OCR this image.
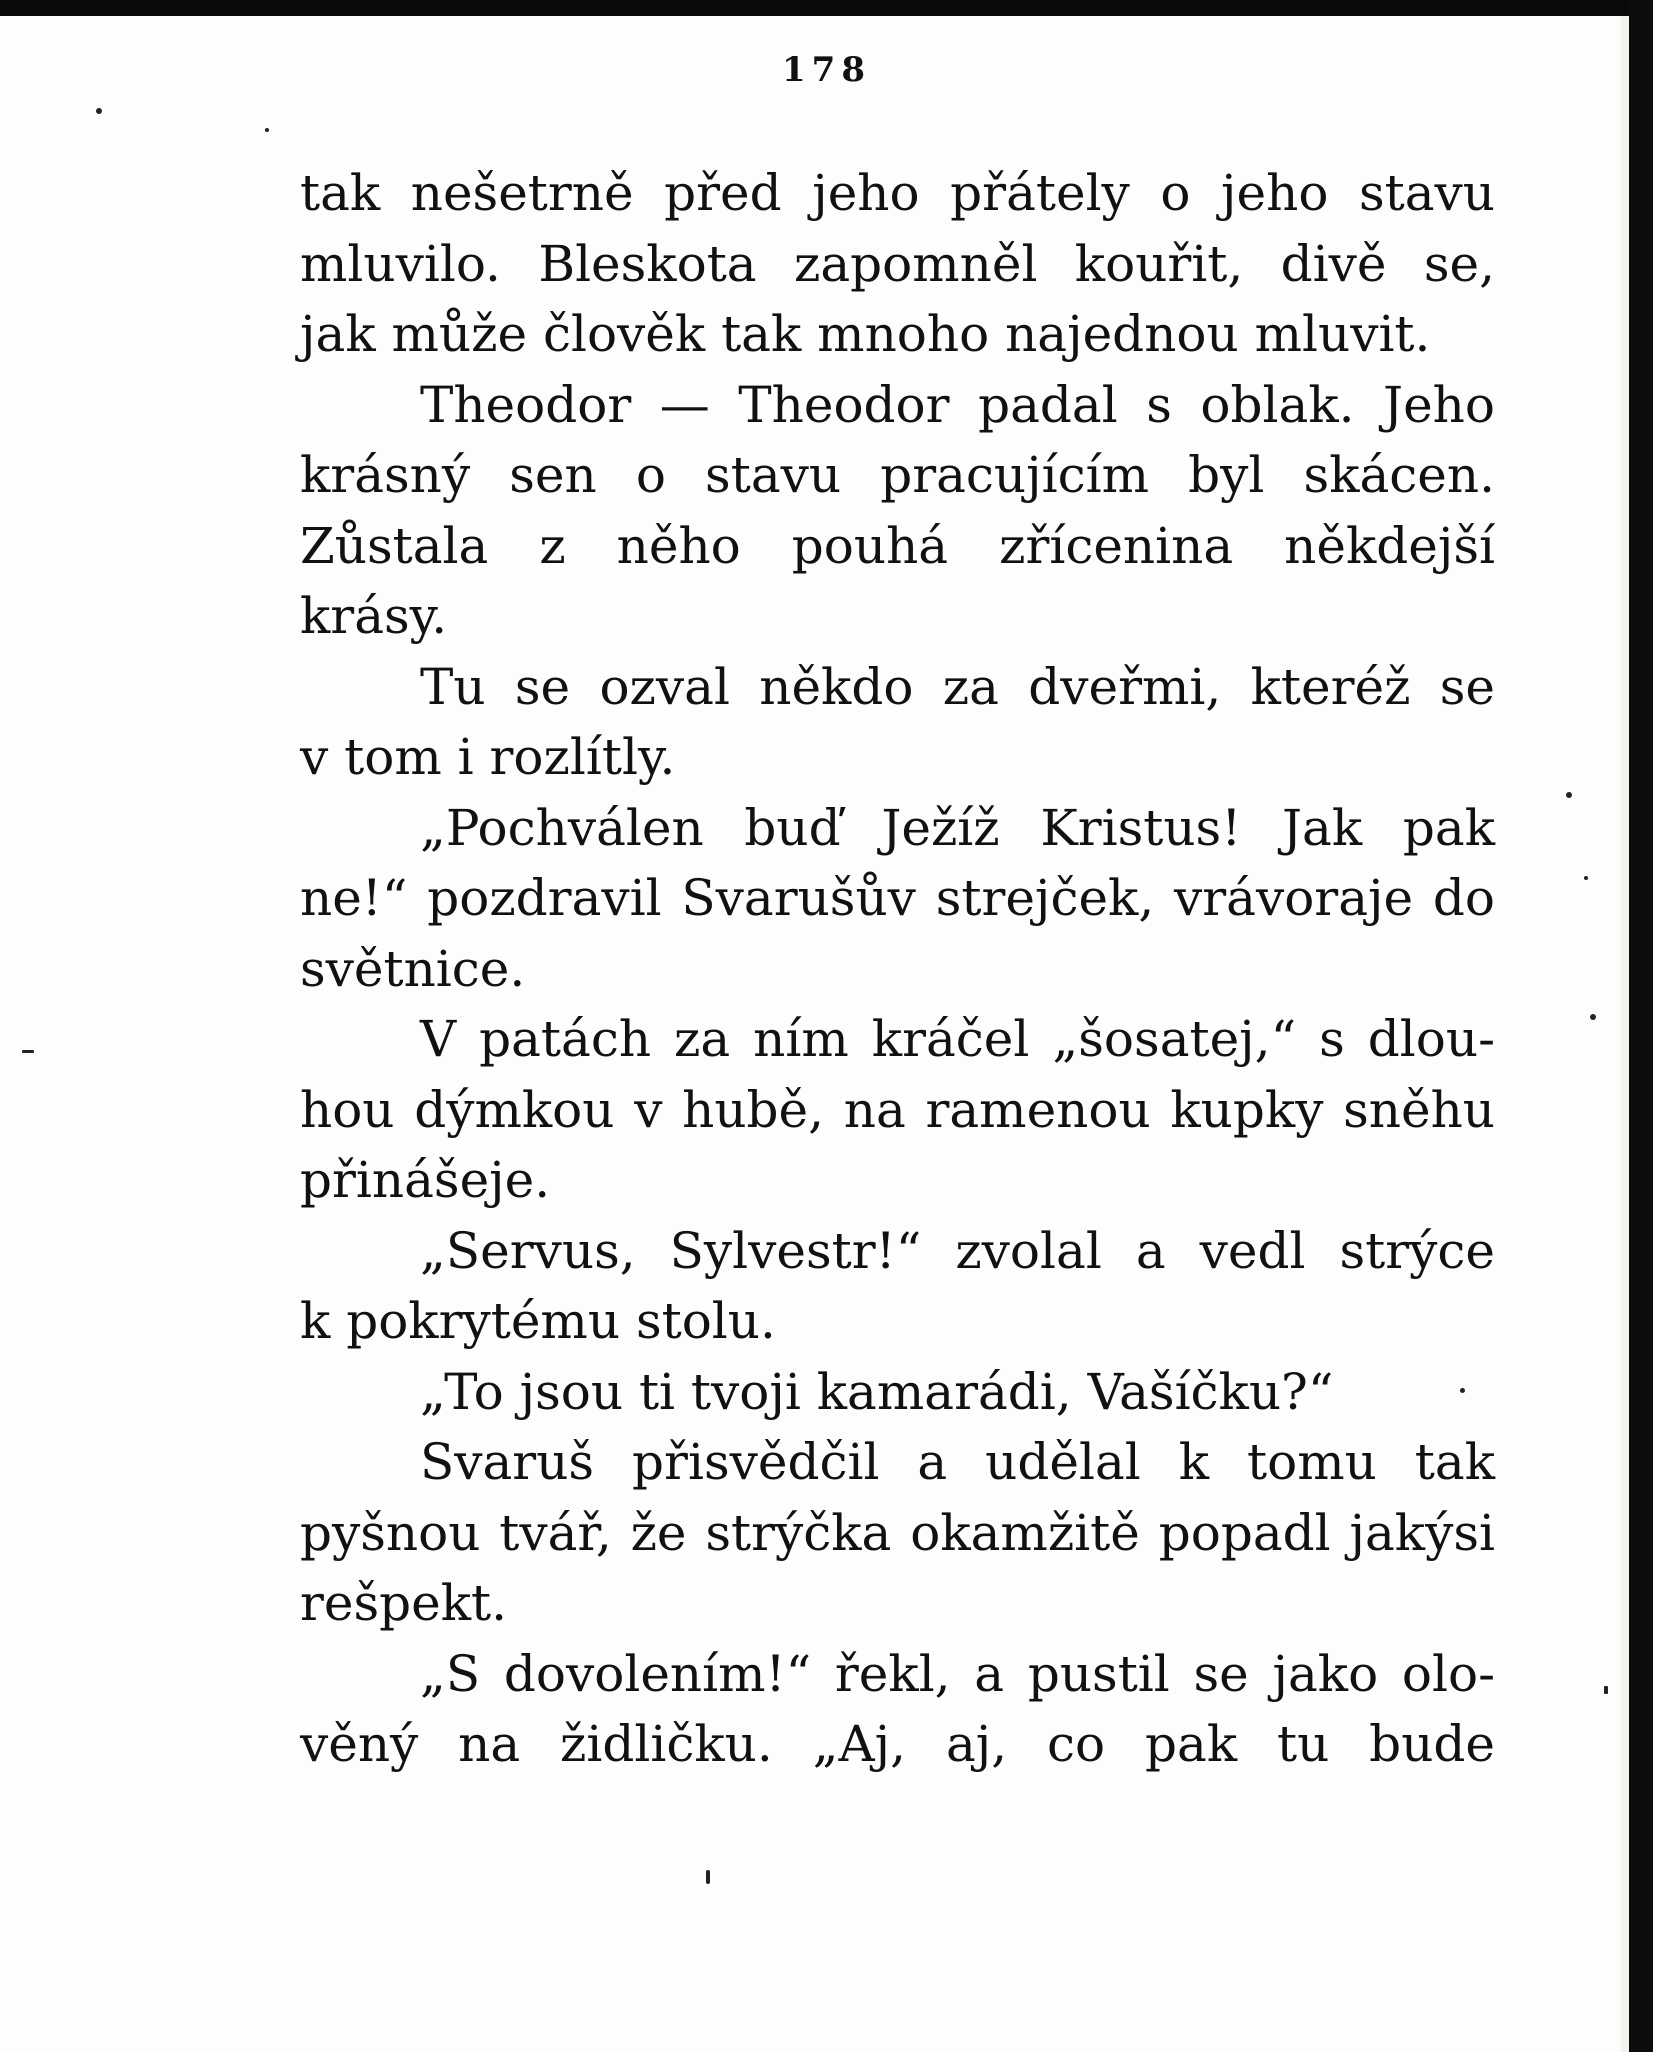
178
tak nešetrně před jeho přátely o jeho stavu
mluvilo. Bleskota zapomněl kouřit, divě se,
jak může člověk tak mnoho najednou mluvit.
Theodor — Theodor padal s oblak. Jeho
krásný sen o stavu pracujícím byl skácen.
Zůstala z něho pouhá zřícenina někdejší
krásy.
Tu se ozval někdo za dveřmi, kteréž se
v tom i rozlítly.
„Pochválen buď Ježíž Kristus! Jak pak
ne!“ pozdravil Svarušův strejček, vrávoraje do
světnice.
V patách za ním kráčel „šosatej,“ s dlou-
hou dýmkou v hubě, na ramenou kupky sněhu
přinášeje.
„Servus, Sylvestr!“ zvolal a vedl strýce
k pokrytému stolu.
„To jsou ti tvoji kamarádi, Vašíčku?“
Svaruš přisvědčil a udělal k tomu tak
pyšnou tvář, že strýčka okamžitě popadl jakýsi
rešpekt.
„S dovolením!“ řekl, a pustil se jako olo-
věný na židličku. „Aj, aj, co pak tu bude
